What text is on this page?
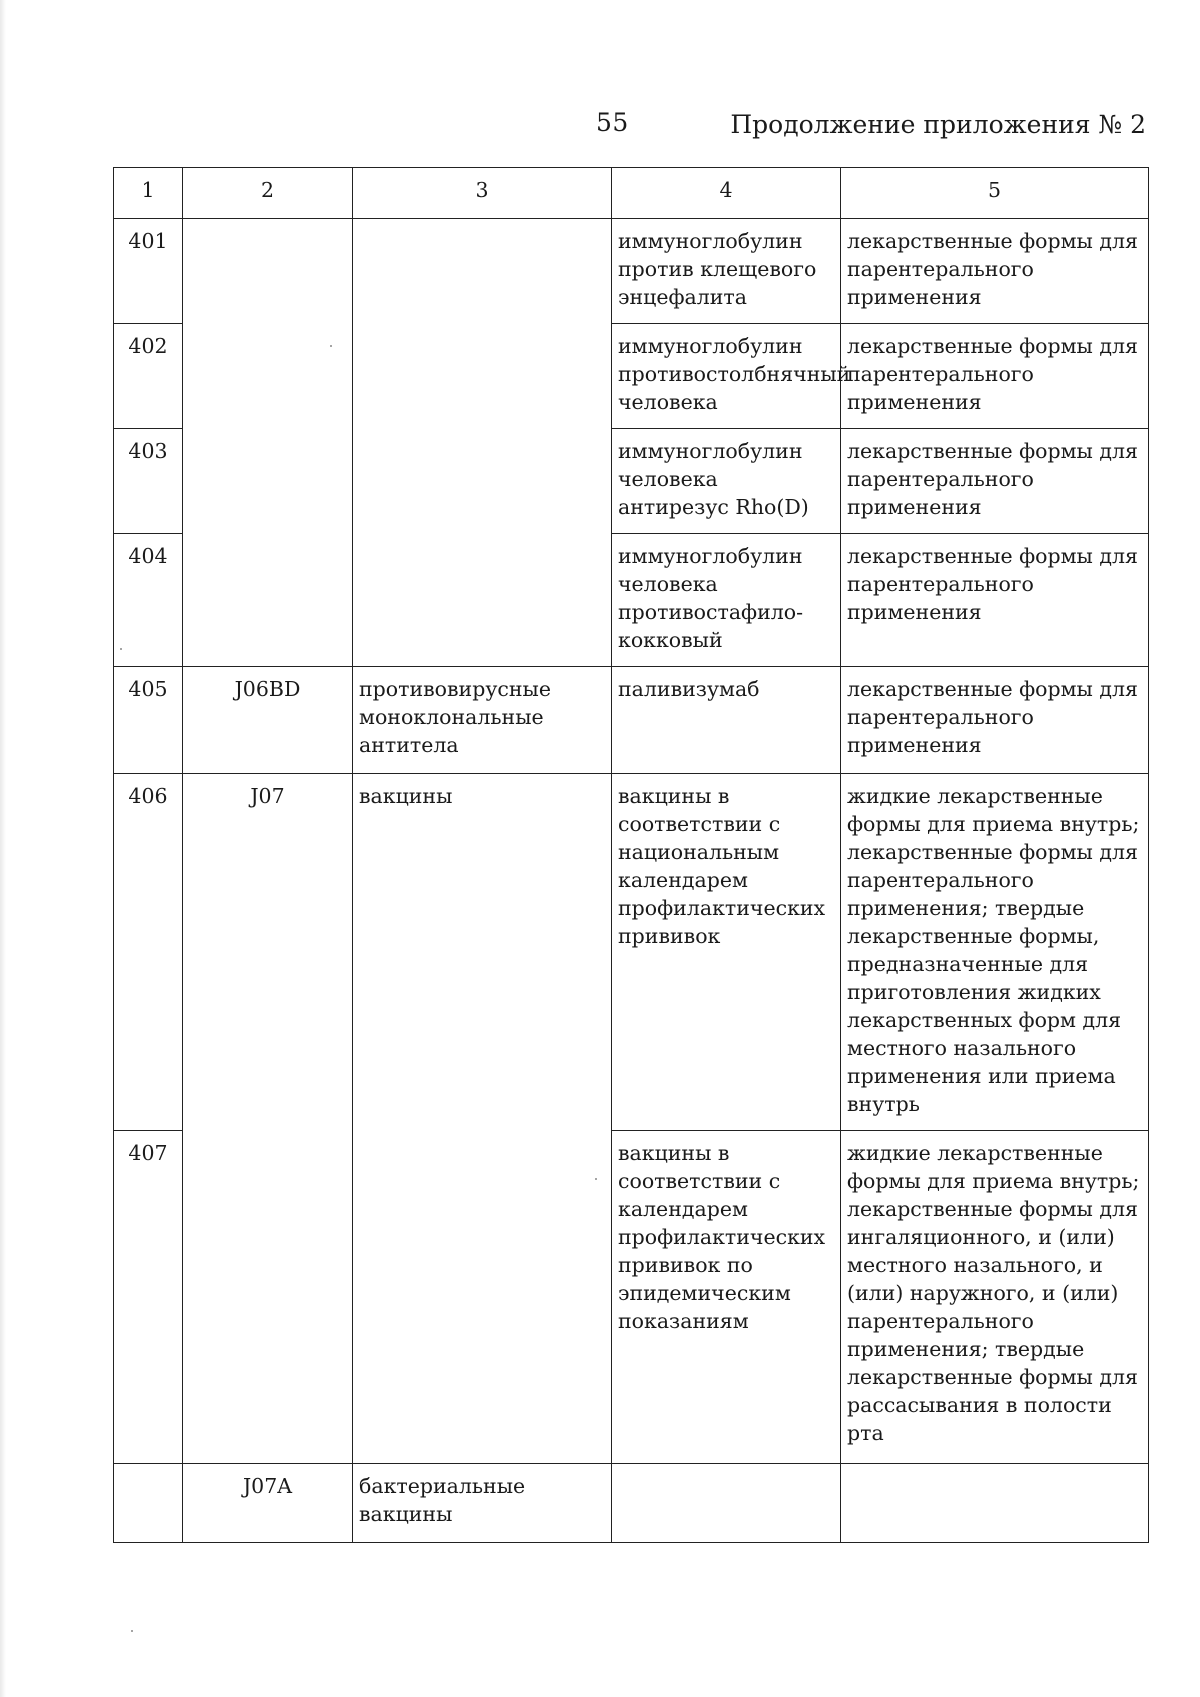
55	Продолжение приложения № 2
1	2	3	4	5
401			иммуноглобулин против клещевого энцефалита	лекарственные формы для парентерального применения
402			иммуноглобулин противостолбнячный человека	лекарственные формы для парентерального применения
403			иммуноглобулин человека антирезус Rho(D)	лекарственные формы для парентерального применения
404			иммуноглобулин человека противостафило-кокковый	лекарственные формы для парентерального применения
405	J06BD	противовирусные моноклональные антитела	паливизумаб	лекарственные формы для парентерального применения
406	J07	вакцины	вакцины в соответствии с национальным календарем профилактических прививок	жидкие лекарственные формы для приема внутрь; лекарственные формы для парентерального применения; твердые лекарственные формы, предназначенные для приготовления жидких лекарственных форм для местного назального применения или приема внутрь
407			вакцины в соответствии с календарем профилактических прививок по эпидемическим показаниям	жидкие лекарственные формы для приема внутрь; лекарственные формы для ингаляционного, и (или) местного назального, и (или) наружного, и (или) парентерального применения; твердые лекарственные формы для рассасывания в полости рта
	J07A	бактериальные вакцины		
